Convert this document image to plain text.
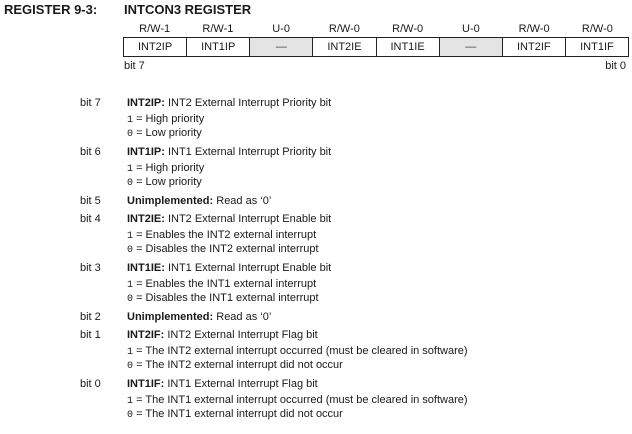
REGISTER 9-3: INTCON3 REGISTER
R/W-1	R/W-1	U-0	R/W-0	R/W-0	U-0	R/W-0	R/W-0
INT2IP	INT1IP	—	INT2IE	INT1IE	—	INT2IF	INT1IF
bit 7	bit 0
bit 7 INT2IP: INT2 External Interrupt Priority bit
1 = High priority
0 = Low priority
bit 6 INT1IP: INT1 External Interrupt Priority bit
1 = High priority
0 = Low priority
bit 5 Unimplemented: Read as ‘0’
bit 4 INT2IE: INT2 External Interrupt Enable bit
1 = Enables the INT2 external interrupt
0 = Disables the INT2 external interrupt
bit 3 INT1IE: INT1 External Interrupt Enable bit
1 = Enables the INT1 external interrupt
0 = Disables the INT1 external interrupt
bit 2 Unimplemented: Read as ‘0’
bit 1 INT2IF: INT2 External Interrupt Flag bit
1 = The INT2 external interrupt occurred (must be cleared in software)
0 = The INT2 external interrupt did not occur
bit 0 INT1IF: INT1 External Interrupt Flag bit
1 = The INT1 external interrupt occurred (must be cleared in software)
0 = The INT1 external interrupt did not occur
